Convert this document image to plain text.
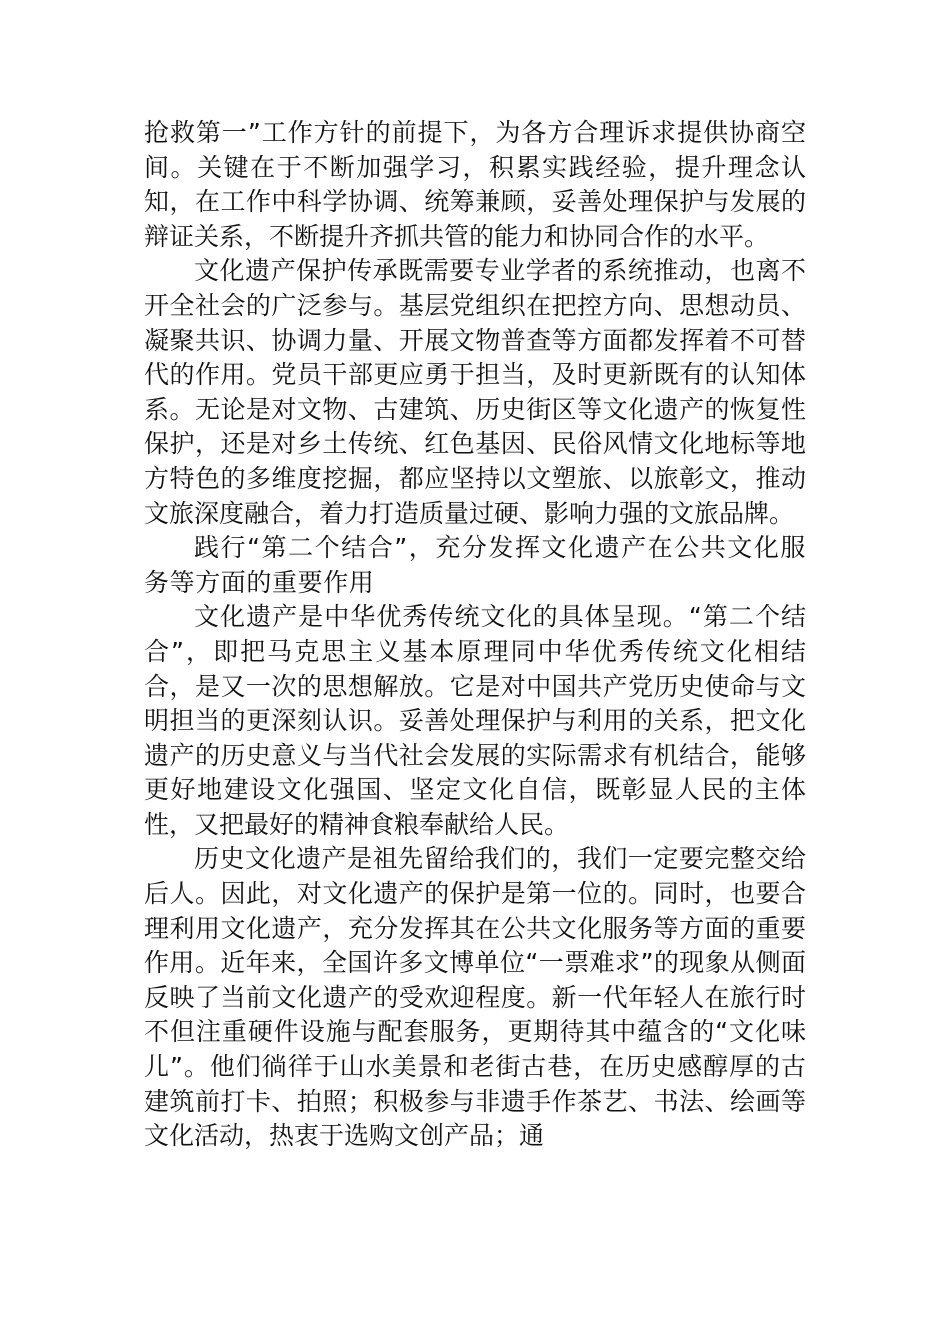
抢救第一”工作方针的前提下，为各方合理诉求提供协商空间。关键在于不断加强学习，积累实践经验，提升理念认知，在工作中科学协调、统筹兼顾，妥善处理保护与发展的辩证关系，不断提升齐抓共管的能力和协同合作的水平。

文化遗产保护传承既需要专业学者的系统推动，也离不开全社会的广泛参与。基层党组织在把控方向、思想动员、凝聚共识、协调力量、开展文物普查等方面都发挥着不可替代的作用。党员干部更应勇于担当，及时更新既有的认知体系。无论是对文物、古建筑、历史街区等文化遗产的恢复性保护，还是对乡土传统、红色基因、民俗风情文化地标等地方特色的多维度挖掘，都应坚持以文塑旅、以旅彰文，推动文旅深度融合，着力打造质量过硬、影响力强的文旅品牌。

践行“第二个结合”，充分发挥文化遗产在公共文化服务等方面的重要作用

文化遗产是中华优秀传统文化的具体呈现。“第二个结合”，即把马克思主义基本原理同中华优秀传统文化相结合，是又一次的思想解放。它是对中国共产党历史使命与文明担当的更深刻认识。妥善处理保护与利用的关系，把文化遗产的历史意义与当代社会发展的实际需求有机结合，能够更好地建设文化强国、坚定文化自信，既彰显人民的主体性，又把最好的精神食粮奉献给人民。

历史文化遗产是祖先留给我们的，我们一定要完整交给后人。因此，对文化遗产的保护是第一位的。同时，也要合理利用文化遗产，充分发挥其在公共文化服务等方面的重要作用。近年来，全国许多文博单位“一票难求”的现象从侧面反映了当前文化遗产的受欢迎程度。新一代年轻人在旅行时不但注重硬件设施与配套服务，更期待其中蕴含的“文化味儿”。他们徜徉于山水美景和老街古巷，在历史感醇厚的古建筑前打卡、拍照；积极参与非遗手作茶艺、书法、绘画等文化活动，热衷于选购文创产品；通
